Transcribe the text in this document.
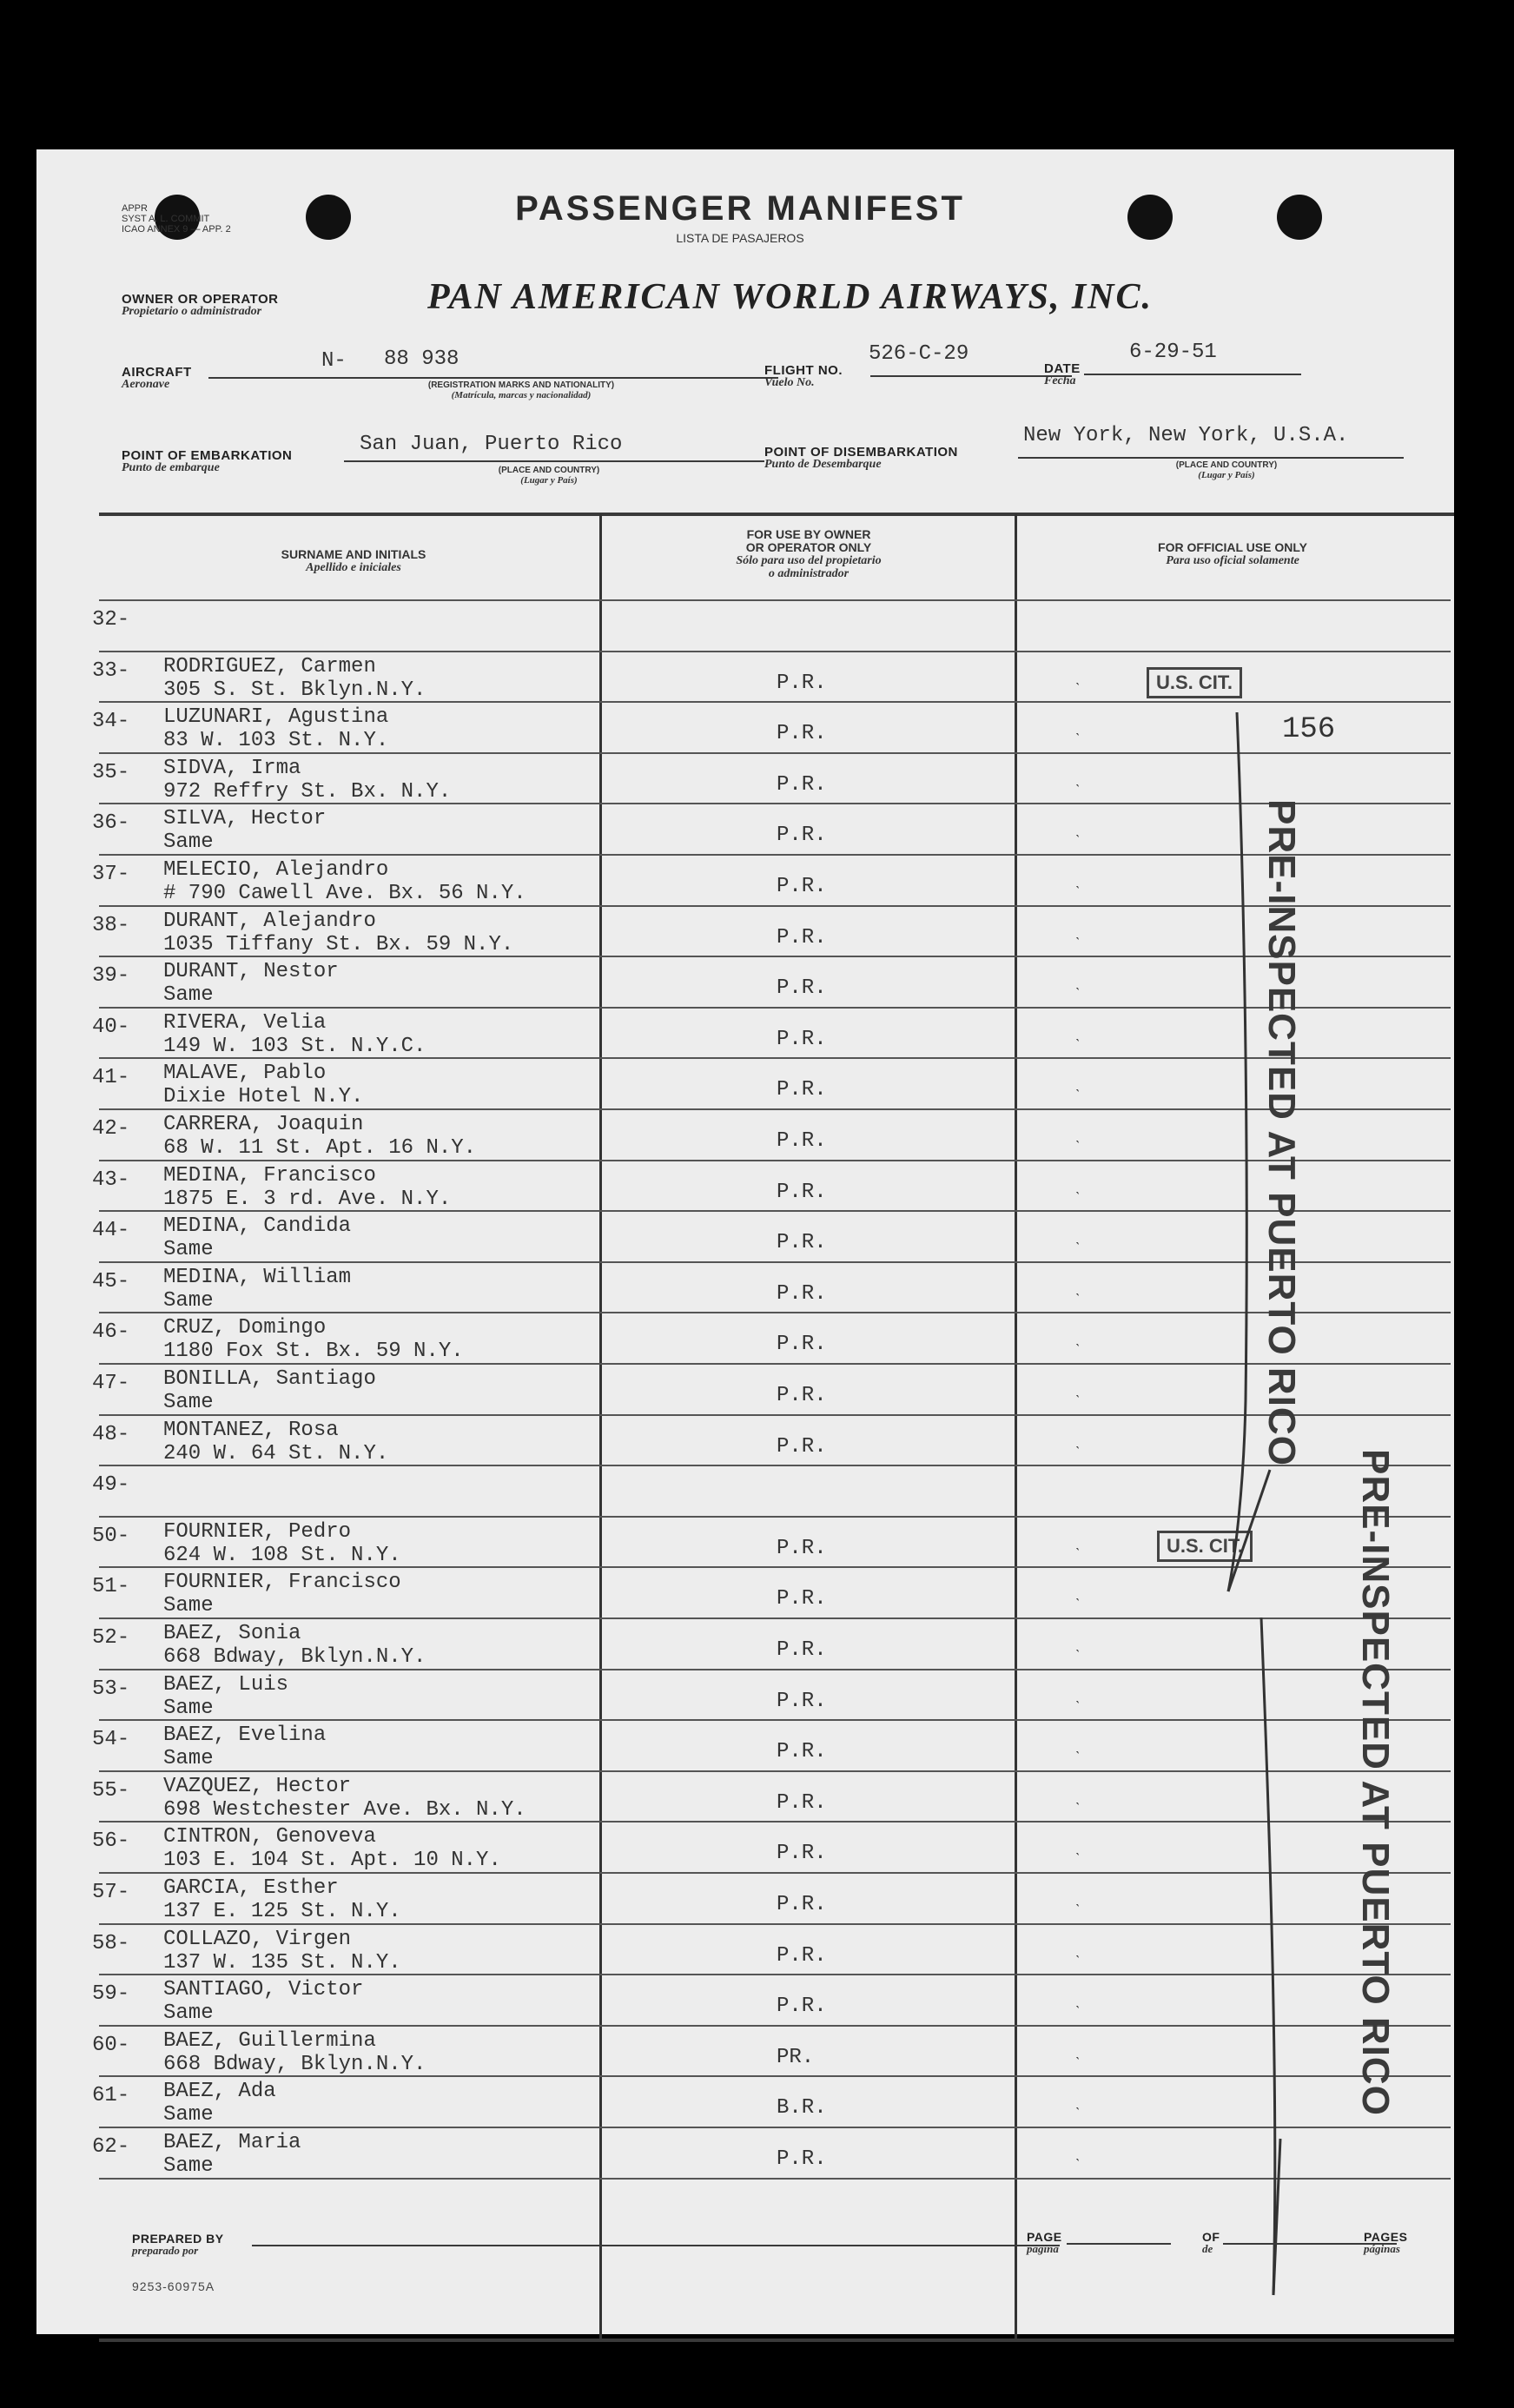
APPR
SYST A. L. COMMIT
ICAO ANNEX 9 — APP. 2
PASSENGER MANIFEST
LISTA DE PASAJEROS
OWNER OR OPERATOR
Propietario o administrador	PAN AMERICAN WORLD AIRWAYS, INC.
AIRCRAFT
Aeronave
N- 88 938
(REGISTRATION MARKS AND NATIONALITY)
(Matrícula, marcas y nacionalidad)
FLIGHT NO.
Vuelo No.
526-C-29
DATE
Fecha
6-29-51
POINT OF EMBARKATION
Punto de embarque
San Juan, Puerto Rico
(PLACE AND COUNTRY)
(Lugar y País)
POINT OF DISEMBARKATION
Punto de Desembarque
New York, New York, U.S.A.
(PLACE AND COUNTRY)
(Lugar y País)
SURNAME AND INITIALS
Apellido e iniciales
FOR USE BY OWNER
OR OPERATOR ONLY
Sólo para uso del propietario
o administrador
FOR OFFICIAL USE ONLY
Para uso oficial solamente
32-
33- RODRIGUEZ, Carmen
305 S. St. Bklyn.N.Y.	P.R.	ˎ
34- LUZUNARI, Agustina
83 W. 103 St. N.Y.	P.R.	ˎ
35- SIDVA, Irma
972 Reffry St. Bx. N.Y.	P.R.	ˎ
36- SILVA, Hector
Same	P.R.	ˎ
37- MELECIO, Alejandro
# 790 Cawell Ave. Bx. 56 N.Y.	P.R.	ˎ
38- DURANT, Alejandro
1035 Tiffany St. Bx. 59 N.Y.	P.R.	ˎ
39- DURANT, Nestor
Same	P.R.	ˎ
40- RIVERA, Velia
149 W. 103 St. N.Y.C.	P.R.	ˎ
41- MALAVE, Pablo
Dixie Hotel N.Y.	P.R.	ˎ
42- CARRERA, Joaquin
68 W. 11 St. Apt. 16 N.Y.	P.R.	ˎ
43- MEDINA, Francisco
1875 E. 3 rd. Ave. N.Y.	P.R.	ˎ
44- MEDINA, Candida
Same	P.R.	ˎ
45- MEDINA, William
Same	P.R.	ˎ
46- CRUZ, Domingo
1180 Fox St. Bx. 59 N.Y.	P.R.	ˎ
47- BONILLA, Santiago
Same	P.R.	ˎ
48- MONTANEZ, Rosa
240 W. 64 St. N.Y.	P.R.	ˎ
49-
50- FOURNIER, Pedro
624 W. 108 St. N.Y.	P.R.	ˎ
51- FOURNIER, Francisco
Same	P.R.	ˎ
52- BAEZ, Sonia
668 Bdway, Bklyn.N.Y.	P.R.	ˎ
53- BAEZ, Luis
Same	P.R.	ˎ
54- BAEZ, Evelina
Same	P.R.	ˎ
55- VAZQUEZ, Hector
698 Westchester Ave. Bx. N.Y.	P.R.	ˎ
56- CINTRON, Genoveva
103 E. 104 St. Apt. 10 N.Y.	P.R.	ˎ
57- GARCIA, Esther
137 E. 125 St. N.Y.	P.R.	ˎ
58- COLLAZO, Virgen
137 W. 135 St. N.Y.	P.R.	ˎ
59- SANTIAGO, Victor
Same	P.R.	ˎ
60- BAEZ, Guillermina
668 Bdway, Bklyn.N.Y.	PR.	ˎ
61- BAEZ, Ada
Same	B.R.	ˎ
62- BAEZ, Maria
Same	P.R.	ˎ
U.S. CIT.
U.S. CIT.
156
PRE-INSPECTED AT PUERTO RICO
PRE-INSPECTED AT PUERTO RICO
PREPARED BY
preparado por
PAGE
página
OF
de
PAGES
páginas
9253-60975A
